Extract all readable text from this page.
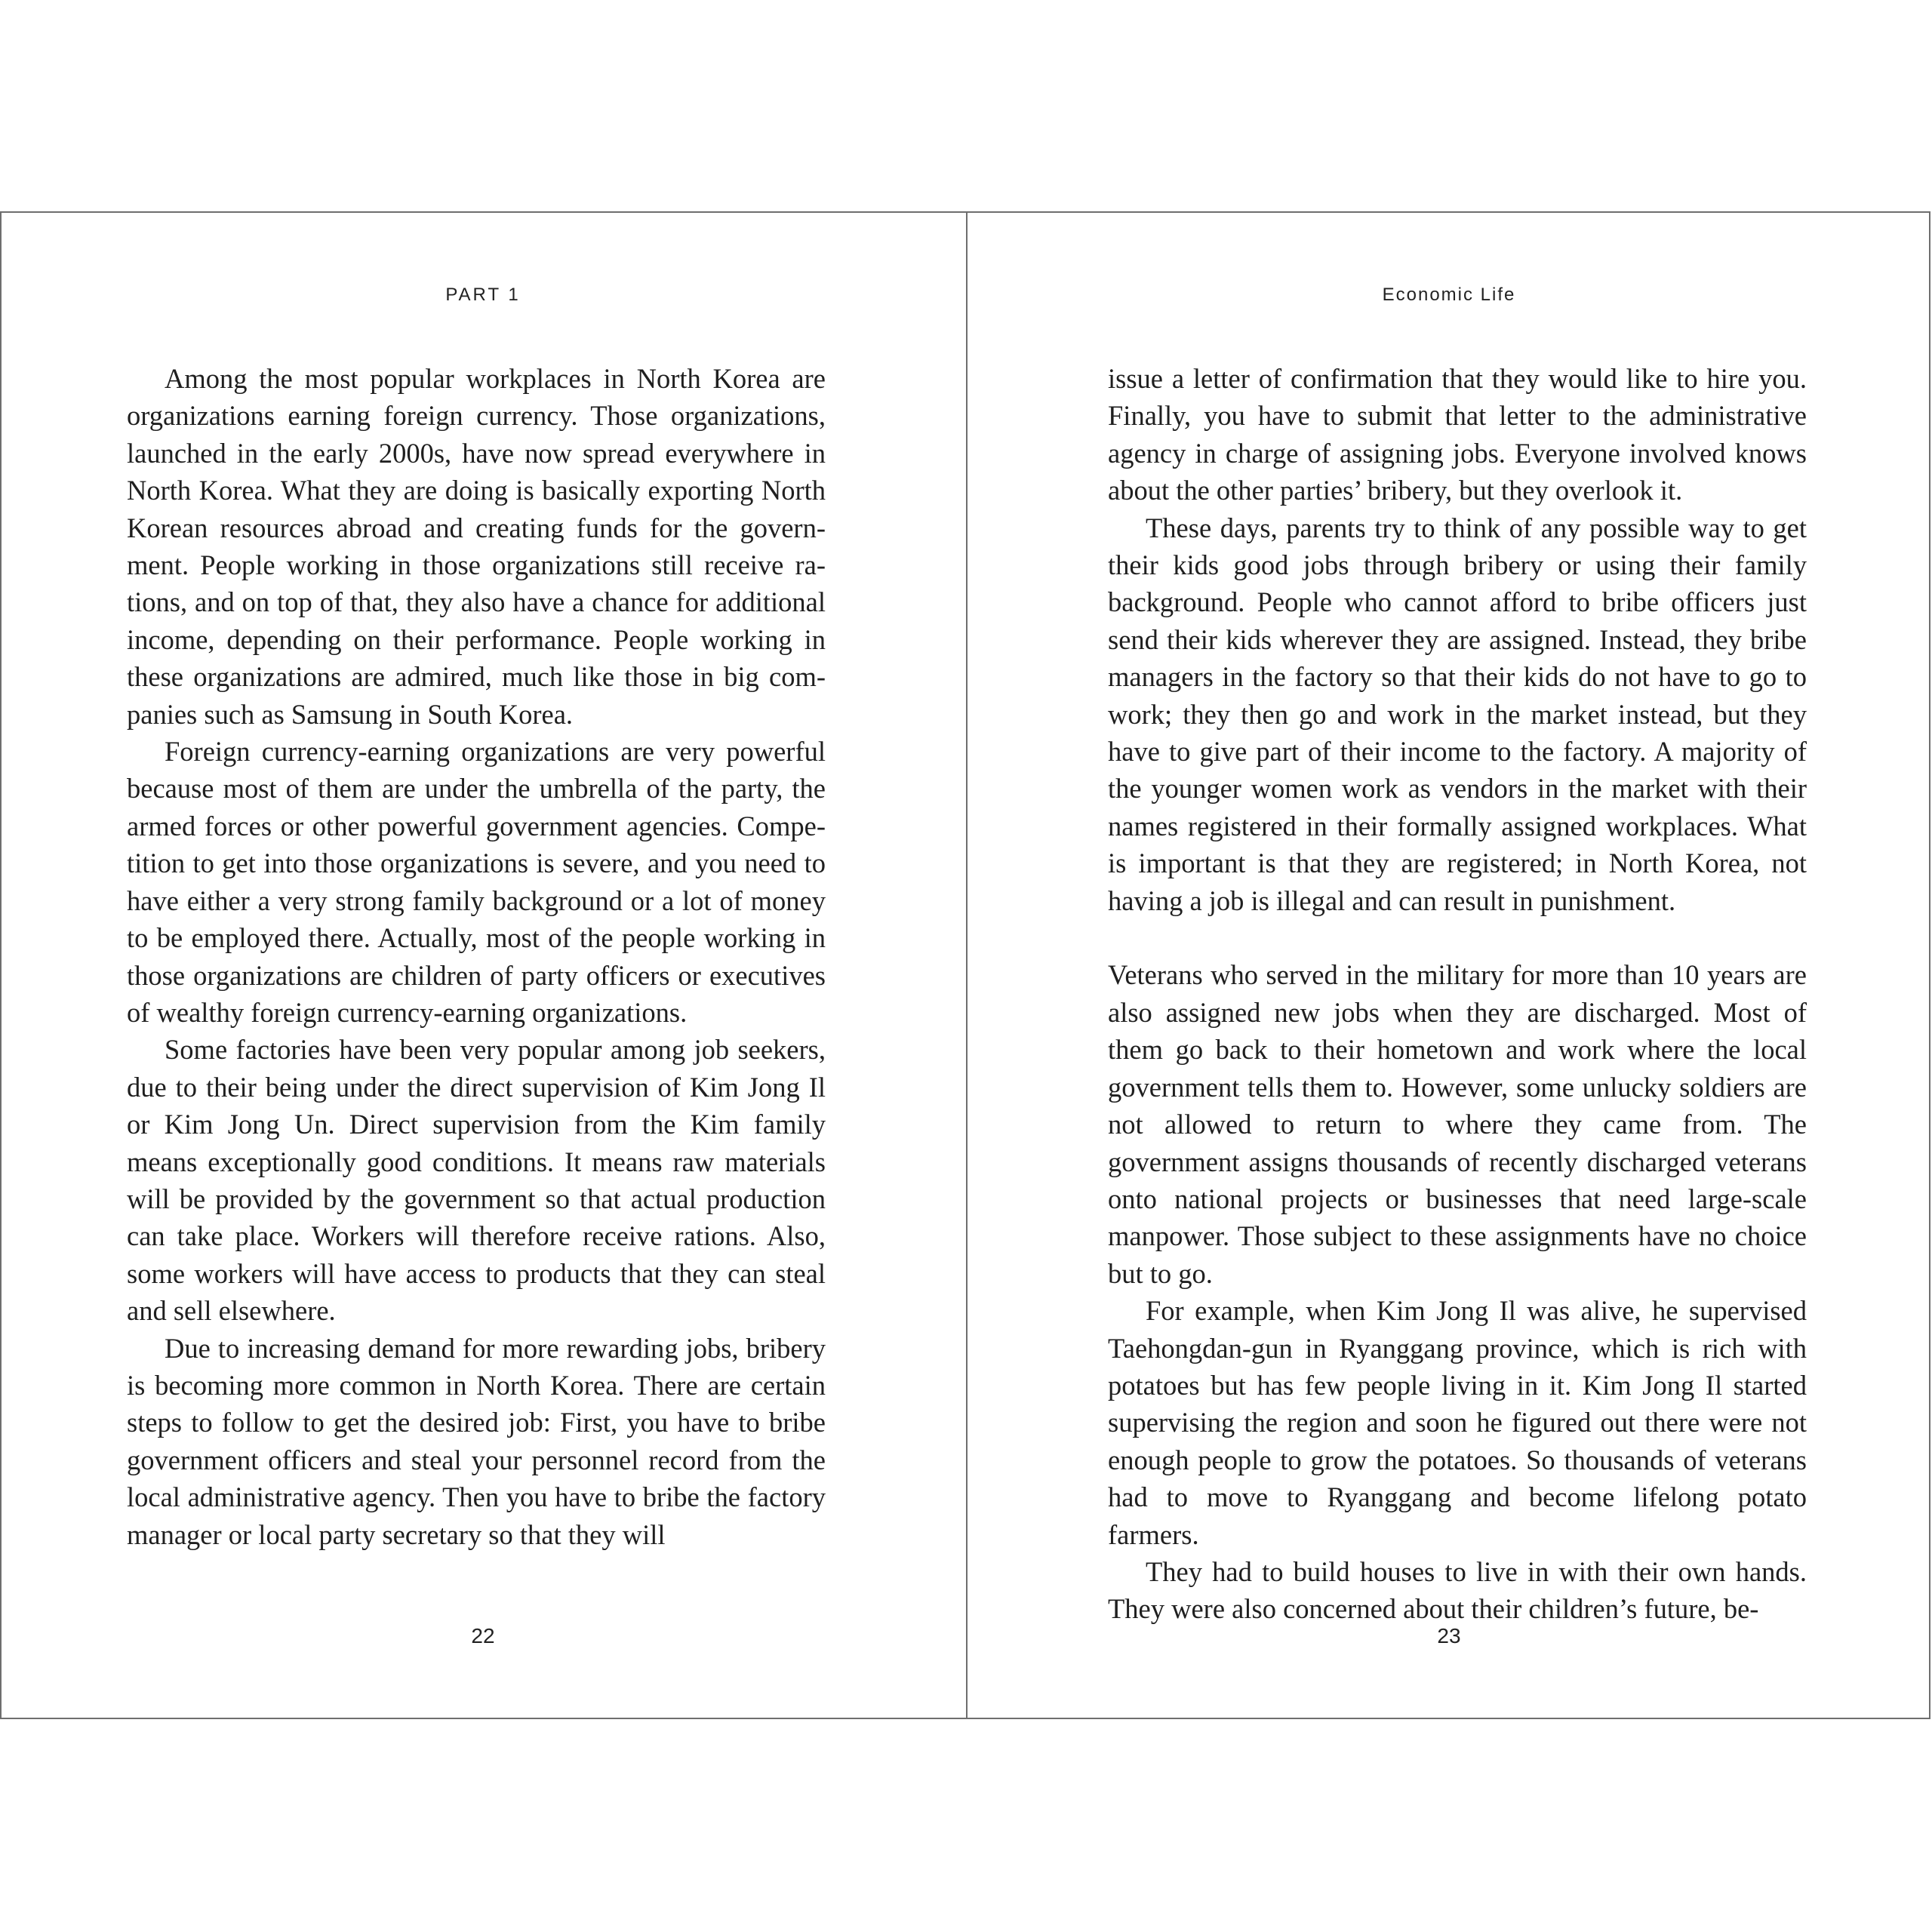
PART 1

Among the most popular workplaces in North Korea are organizations earning foreign currency. Those organizations, launched in the early 2000s, have now spread everywhere in North Korea. What they are doing is basically exporting North Korean resources abroad and creating funds for the government. People working in those organizations still receive rations, and on top of that, they also have a chance for additional income, depending on their performance. People working in these organizations are admired, much like those in big companies such as Samsung in South Korea.

Foreign currency-earning organizations are very powerful because most of them are under the umbrella of the party, the armed forces or other powerful government agencies. Competition to get into those organizations is severe, and you need to have either a very strong family background or a lot of money to be employed there. Actually, most of the people working in those organizations are children of party officers or executives of wealthy foreign currency-earning organizations.

Some factories have been very popular among job seekers, due to their being under the direct supervision of Kim Jong Il or Kim Jong Un. Direct supervision from the Kim family means exceptionally good conditions. It means raw materials will be provided by the government so that actual production can take place. Workers will therefore receive rations. Also, some workers will have access to products that they can steal and sell elsewhere.

Due to increasing demand for more rewarding jobs, bribery is becoming more common in North Korea. There are certain steps to follow to get the desired job: First, you have to bribe government officers and steal your personnel record from the local administrative agency. Then you have to bribe the factory manager or local party secretary so that they will

22
Economic Life

issue a letter of confirmation that they would like to hire you. Finally, you have to submit that letter to the administrative agency in charge of assigning jobs. Everyone involved knows about the other parties’ bribery, but they overlook it.

These days, parents try to think of any possible way to get their kids good jobs through bribery or using their family background. People who cannot afford to bribe officers just send their kids wherever they are assigned. Instead, they bribe managers in the factory so that their kids do not have to go to work; they then go and work in the market instead, but they have to give part of their income to the factory. A majority of the younger women work as vendors in the market with their names registered in their formally assigned workplaces. What is important is that they are registered; in North Korea, not having a job is illegal and can result in punishment.

Veterans who served in the military for more than 10 years are also assigned new jobs when they are discharged. Most of them go back to their hometown and work where the local government tells them to. However, some unlucky soldiers are not allowed to return to where they came from. The government assigns thousands of recently discharged veterans onto national projects or businesses that need large-scale manpower. Those subject to these assignments have no choice but to go.

For example, when Kim Jong Il was alive, he supervised Taehongdan-gun in Ryanggang province, which is rich with potatoes but has few people living in it. Kim Jong Il started supervising the region and soon he figured out there were not enough people to grow the potatoes. So thousands of veterans had to move to Ryanggang and become lifelong potato farmers.

They had to build houses to live in with their own hands. They were also concerned about their children’s future, be-

23
